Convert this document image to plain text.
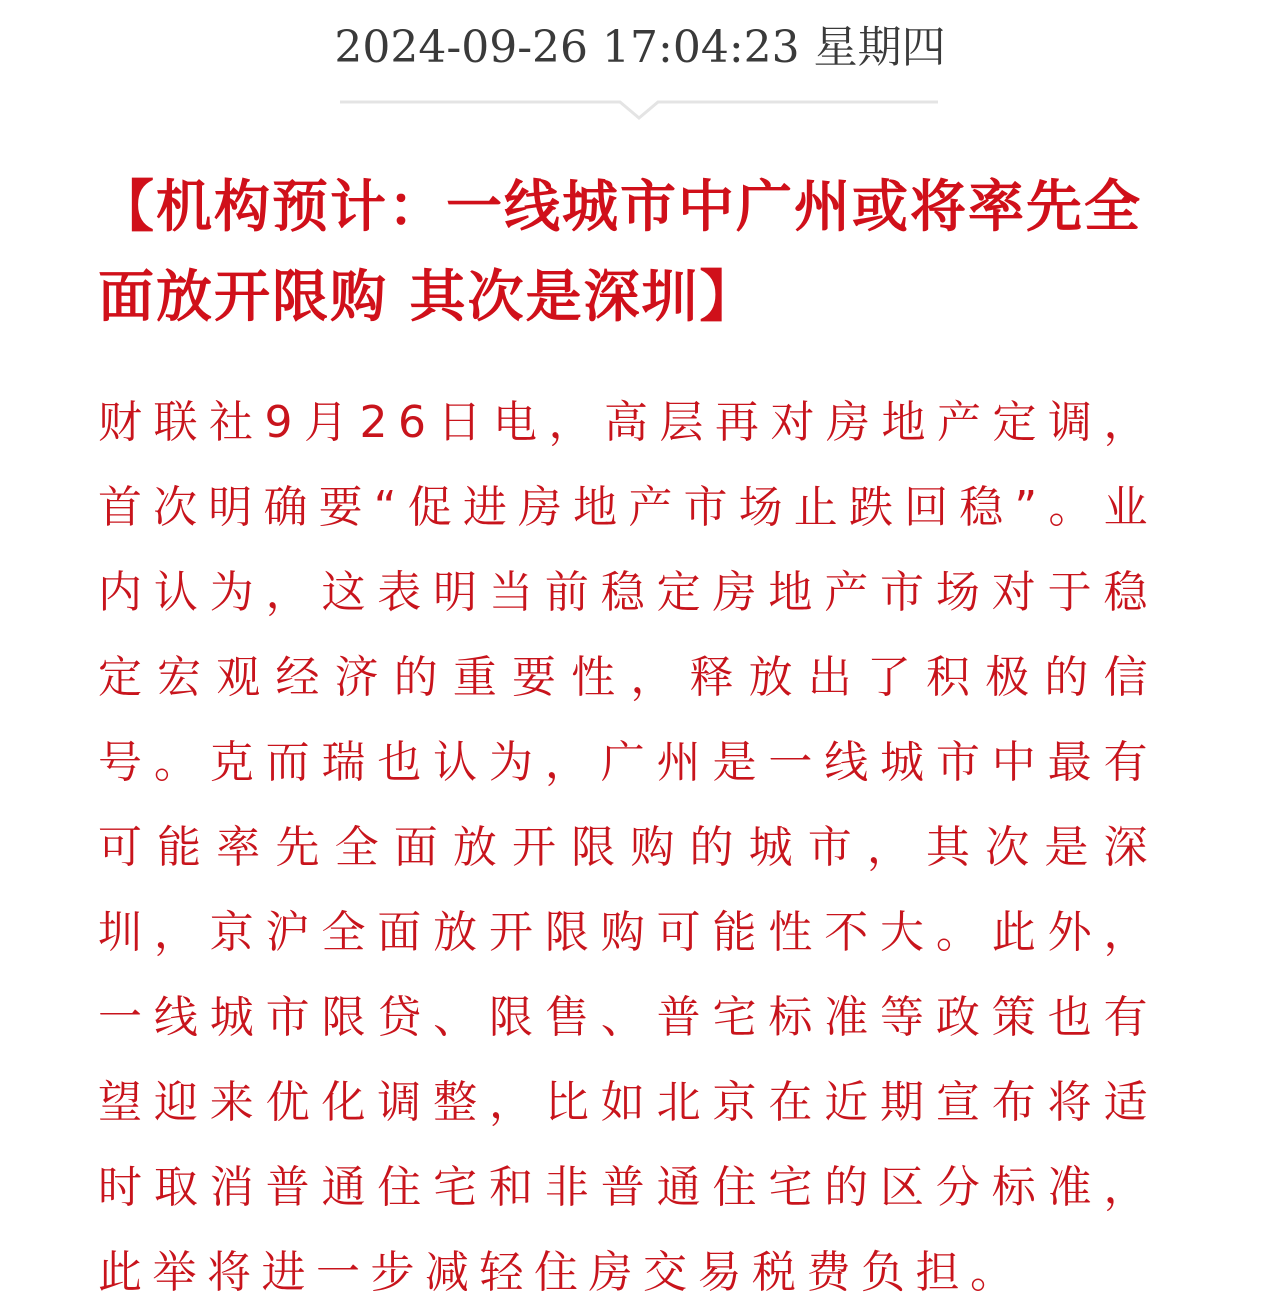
2024-09-26 17:04:23 星期四
【机构预计：一线城市中广州或将率先全面放开限购 其次是深圳】

财联社9月26日电，高层再对房地产定调，首次明确要“促进房地产市场止跌回稳”。业内认为，这表明当前稳定房地产市场对于稳定宏观经济的重要性，释放出了积极的信号。克而瑞也认为，广州是一线城市中最有可能率先全面放开限购的城市，其次是深圳，京沪全面放开限购可能性不大。此外，一线城市限贷、限售、普宅标准等政策也有望迎来优化调整，比如北京在近期宣布将适时取消普通住宅和非普通住宅的区分标准，此举将进一步减轻住房交易税费负担。
